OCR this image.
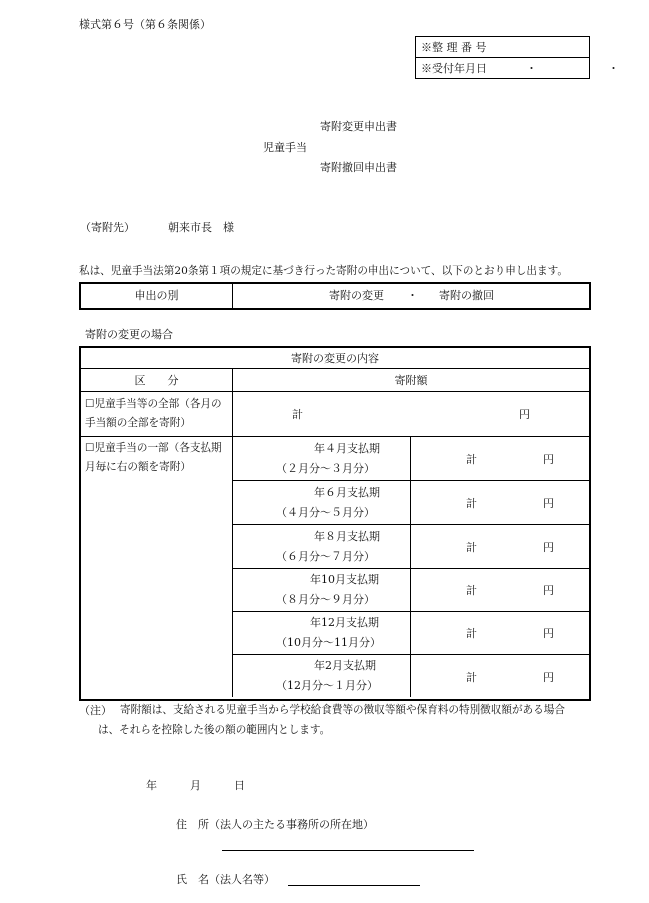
様式第６号（第６条関係）
※整 理 番 号
※受付年月日	・　・
寄附変更申出書
児童手当
寄附撤回申出書
（寄附先）	朝来市長　様
私は、児童手当法第20条第１項の規定に基づき行った寄附の申出について、以下のとおり申し出ます。
申出の別	寄附の変更 ・ 寄附の撤回
寄附の変更の場合
寄附の変更の内容
区　　分	寄附額
☐児童手当等の全部（各月の
手当額の全部を寄附）
計	円
☐児童手当の一部（各支払期
月毎に右の額を寄附）
年４月支払期
（２月分～３月分）
計	円
年６月支払期
（４月分～５月分）
計	円
年８月支払期
（６月分～７月分）
計	円
年10月支払期
（８月分～９月分）
計	円
年12月支払期
（10月分～11月分）
計	円
年2月支払期
（12月分～１月分）
計	円
（注） 寄附額は、支給される児童手当から学校給食費等の徴収等額や保育料の特別徴収額がある場合
は、それらを控除した後の額の範囲内とします。
年	月	日
住　所（法人の主たる事務所の所在地）
氏　名（法人名等）
